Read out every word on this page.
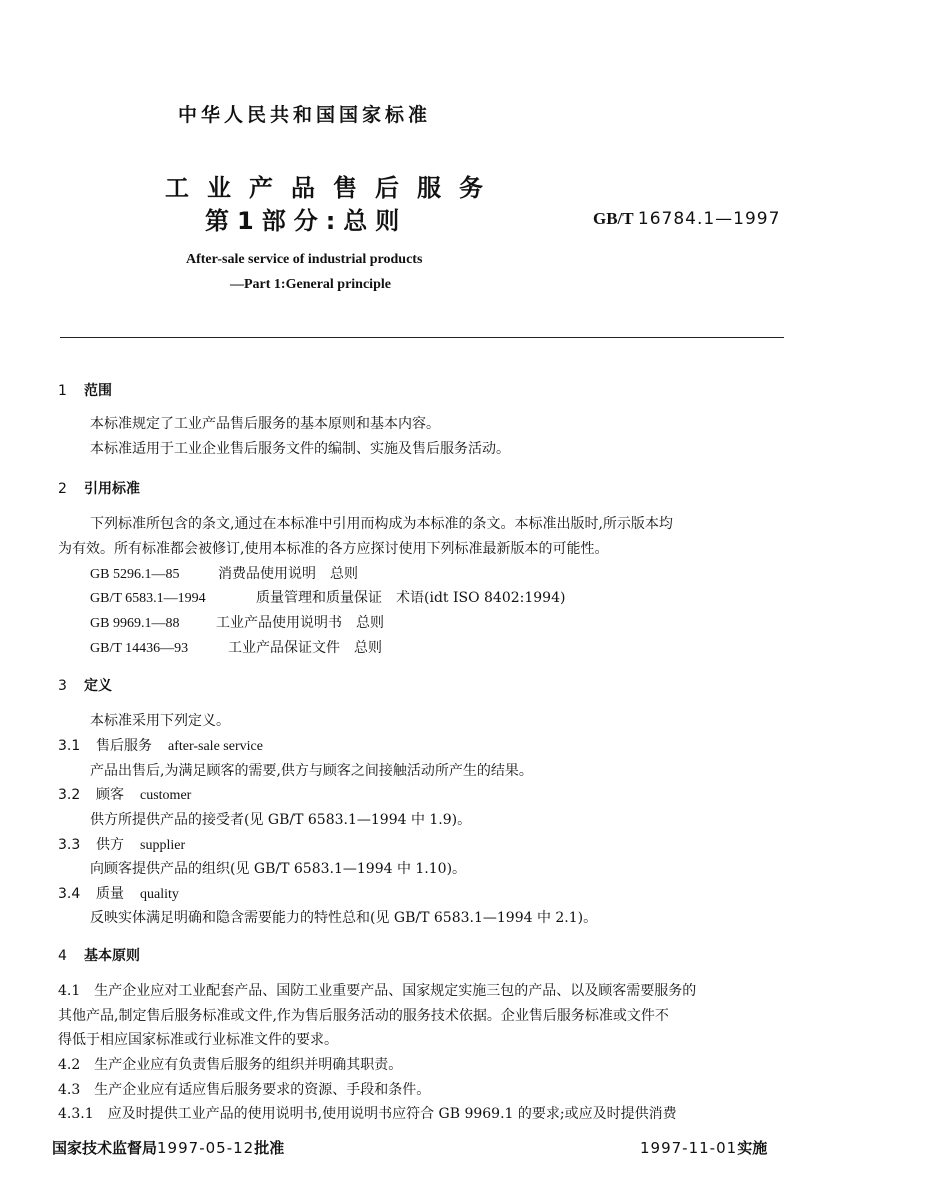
中华人民共和国国家标准
工业产品售后服务
第1部分:总则	GB/T 16784.1—1997
After-sale service of industrial products
—Part 1:General principle
1 范围
本标准规定了工业产品售后服务的基本原则和基本内容。
本标准适用于工业企业售后服务文件的编制、实施及售后服务活动。
2 引用标准
下列标准所包含的条文,通过在本标准中引用而构成为本标准的条文。本标准出版时,所示版本均
为有效。所有标准都会被修订,使用本标准的各方应探讨使用下列标准最新版本的可能性。
GB 5296.1—85	消费品使用说明　总则
GB/T 6583.1—1994	质量管理和质量保证　术语(idt ISO 8402:1994)
GB 9969.1—88	工业产品使用说明书　总则
GB/T 14436—93	工业产品保证文件　总则
3 定义
本标准采用下列定义。
3.1 售后服务 after-sale service
产品出售后,为满足顾客的需要,供方与顾客之间接触活动所产生的结果。
3.2 顾客 customer
供方所提供产品的接受者(见 GB/T 6583.1—1994 中 1.9)。
3.3 供方 supplier
向顾客提供产品的组织(见 GB/T 6583.1—1994 中 1.10)。
3.4 质量 quality
反映实体满足明确和隐含需要能力的特性总和(见 GB/T 6583.1—1994 中 2.1)。
4 基本原则
4.1　生产企业应对工业配套产品、国防工业重要产品、国家规定实施三包的产品、以及顾客需要服务的
其他产品,制定售后服务标准或文件,作为售后服务活动的服务技术依据。企业售后服务标准或文件不
得低于相应国家标准或行业标准文件的要求。
4.2　生产企业应有负责售后服务的组织并明确其职责。
4.3　生产企业应有适应售后服务要求的资源、手段和条件。
4.3.1　应及时提供工业产品的使用说明书,使用说明书应符合 GB 9969.1 的要求;或应及时提供消费
国家技术监督局1997-05-12批准	1997-11-01实施
